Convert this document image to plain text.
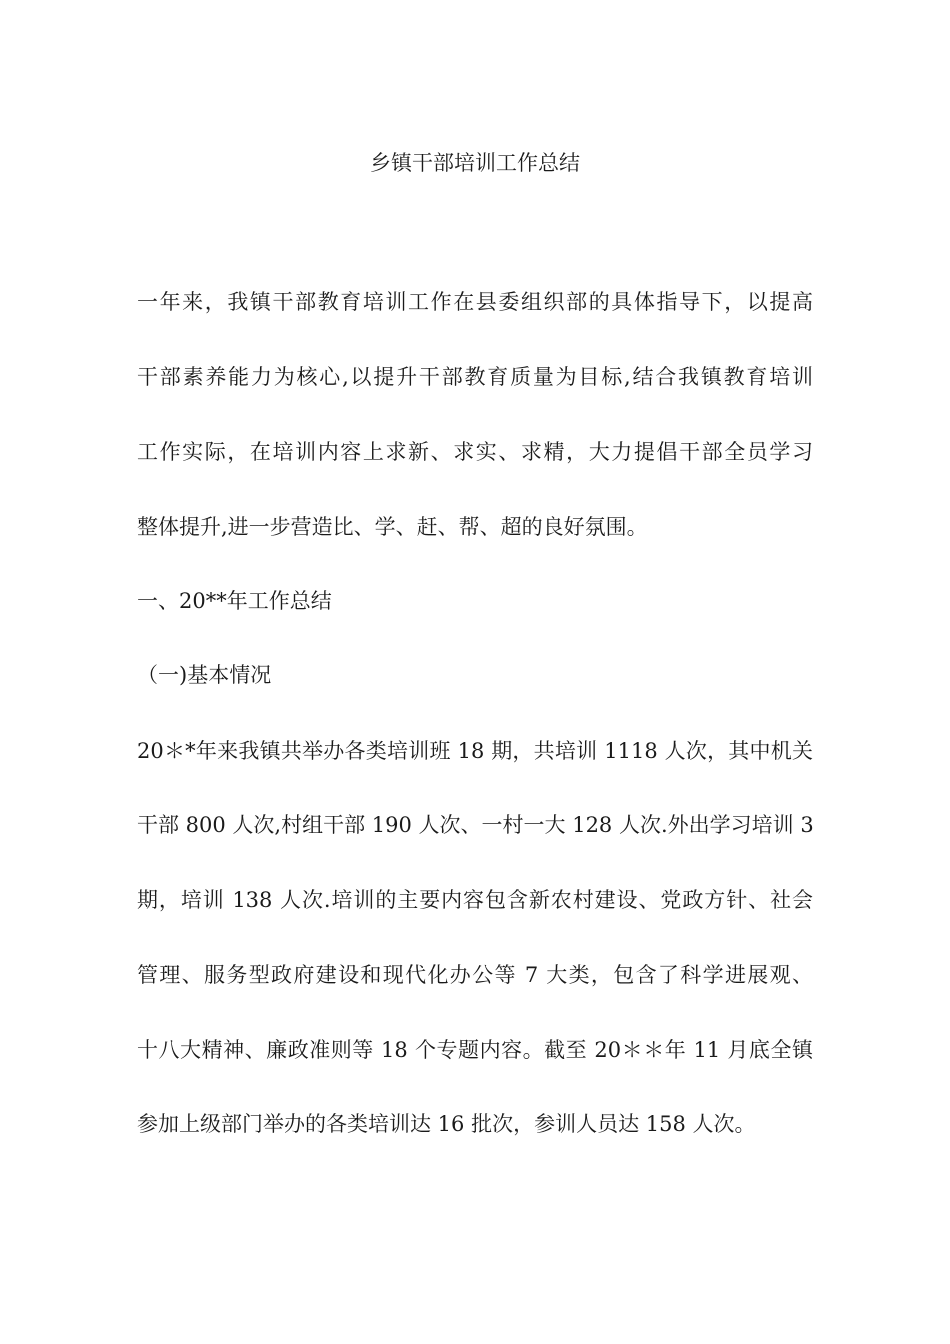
乡镇干部培训工作总结
一年来，我镇干部教育培训工作在县委组织部的具体指导下，以提高
干部素养能力为核心,以提升干部教育质量为目标,结合我镇教育培训
工作实际，在培训内容上求新、求实、求精，大力提倡干部全员学习
整体提升,进一步营造比、学、赶、帮、超的良好氛围。
一、20**年工作总结
（一)基本情况
20＊*年来我镇共举办各类培训班 18 期，共培训 1118 人次，其中机关
干部 800 人次,村组干部 190 人次、一村一大 128 人次.外出学习培训 3
期，培训 138 人次.培训的主要内容包含新农村建设、党政方针、社会
管理、服务型政府建设和现代化办公等 7 大类，包含了科学进展观、
十八大精神、廉政准则等 18 个专题内容。截至 20＊＊年 11 月底全镇
参加上级部门举办的各类培训达 16 批次，参训人员达 158 人次。
